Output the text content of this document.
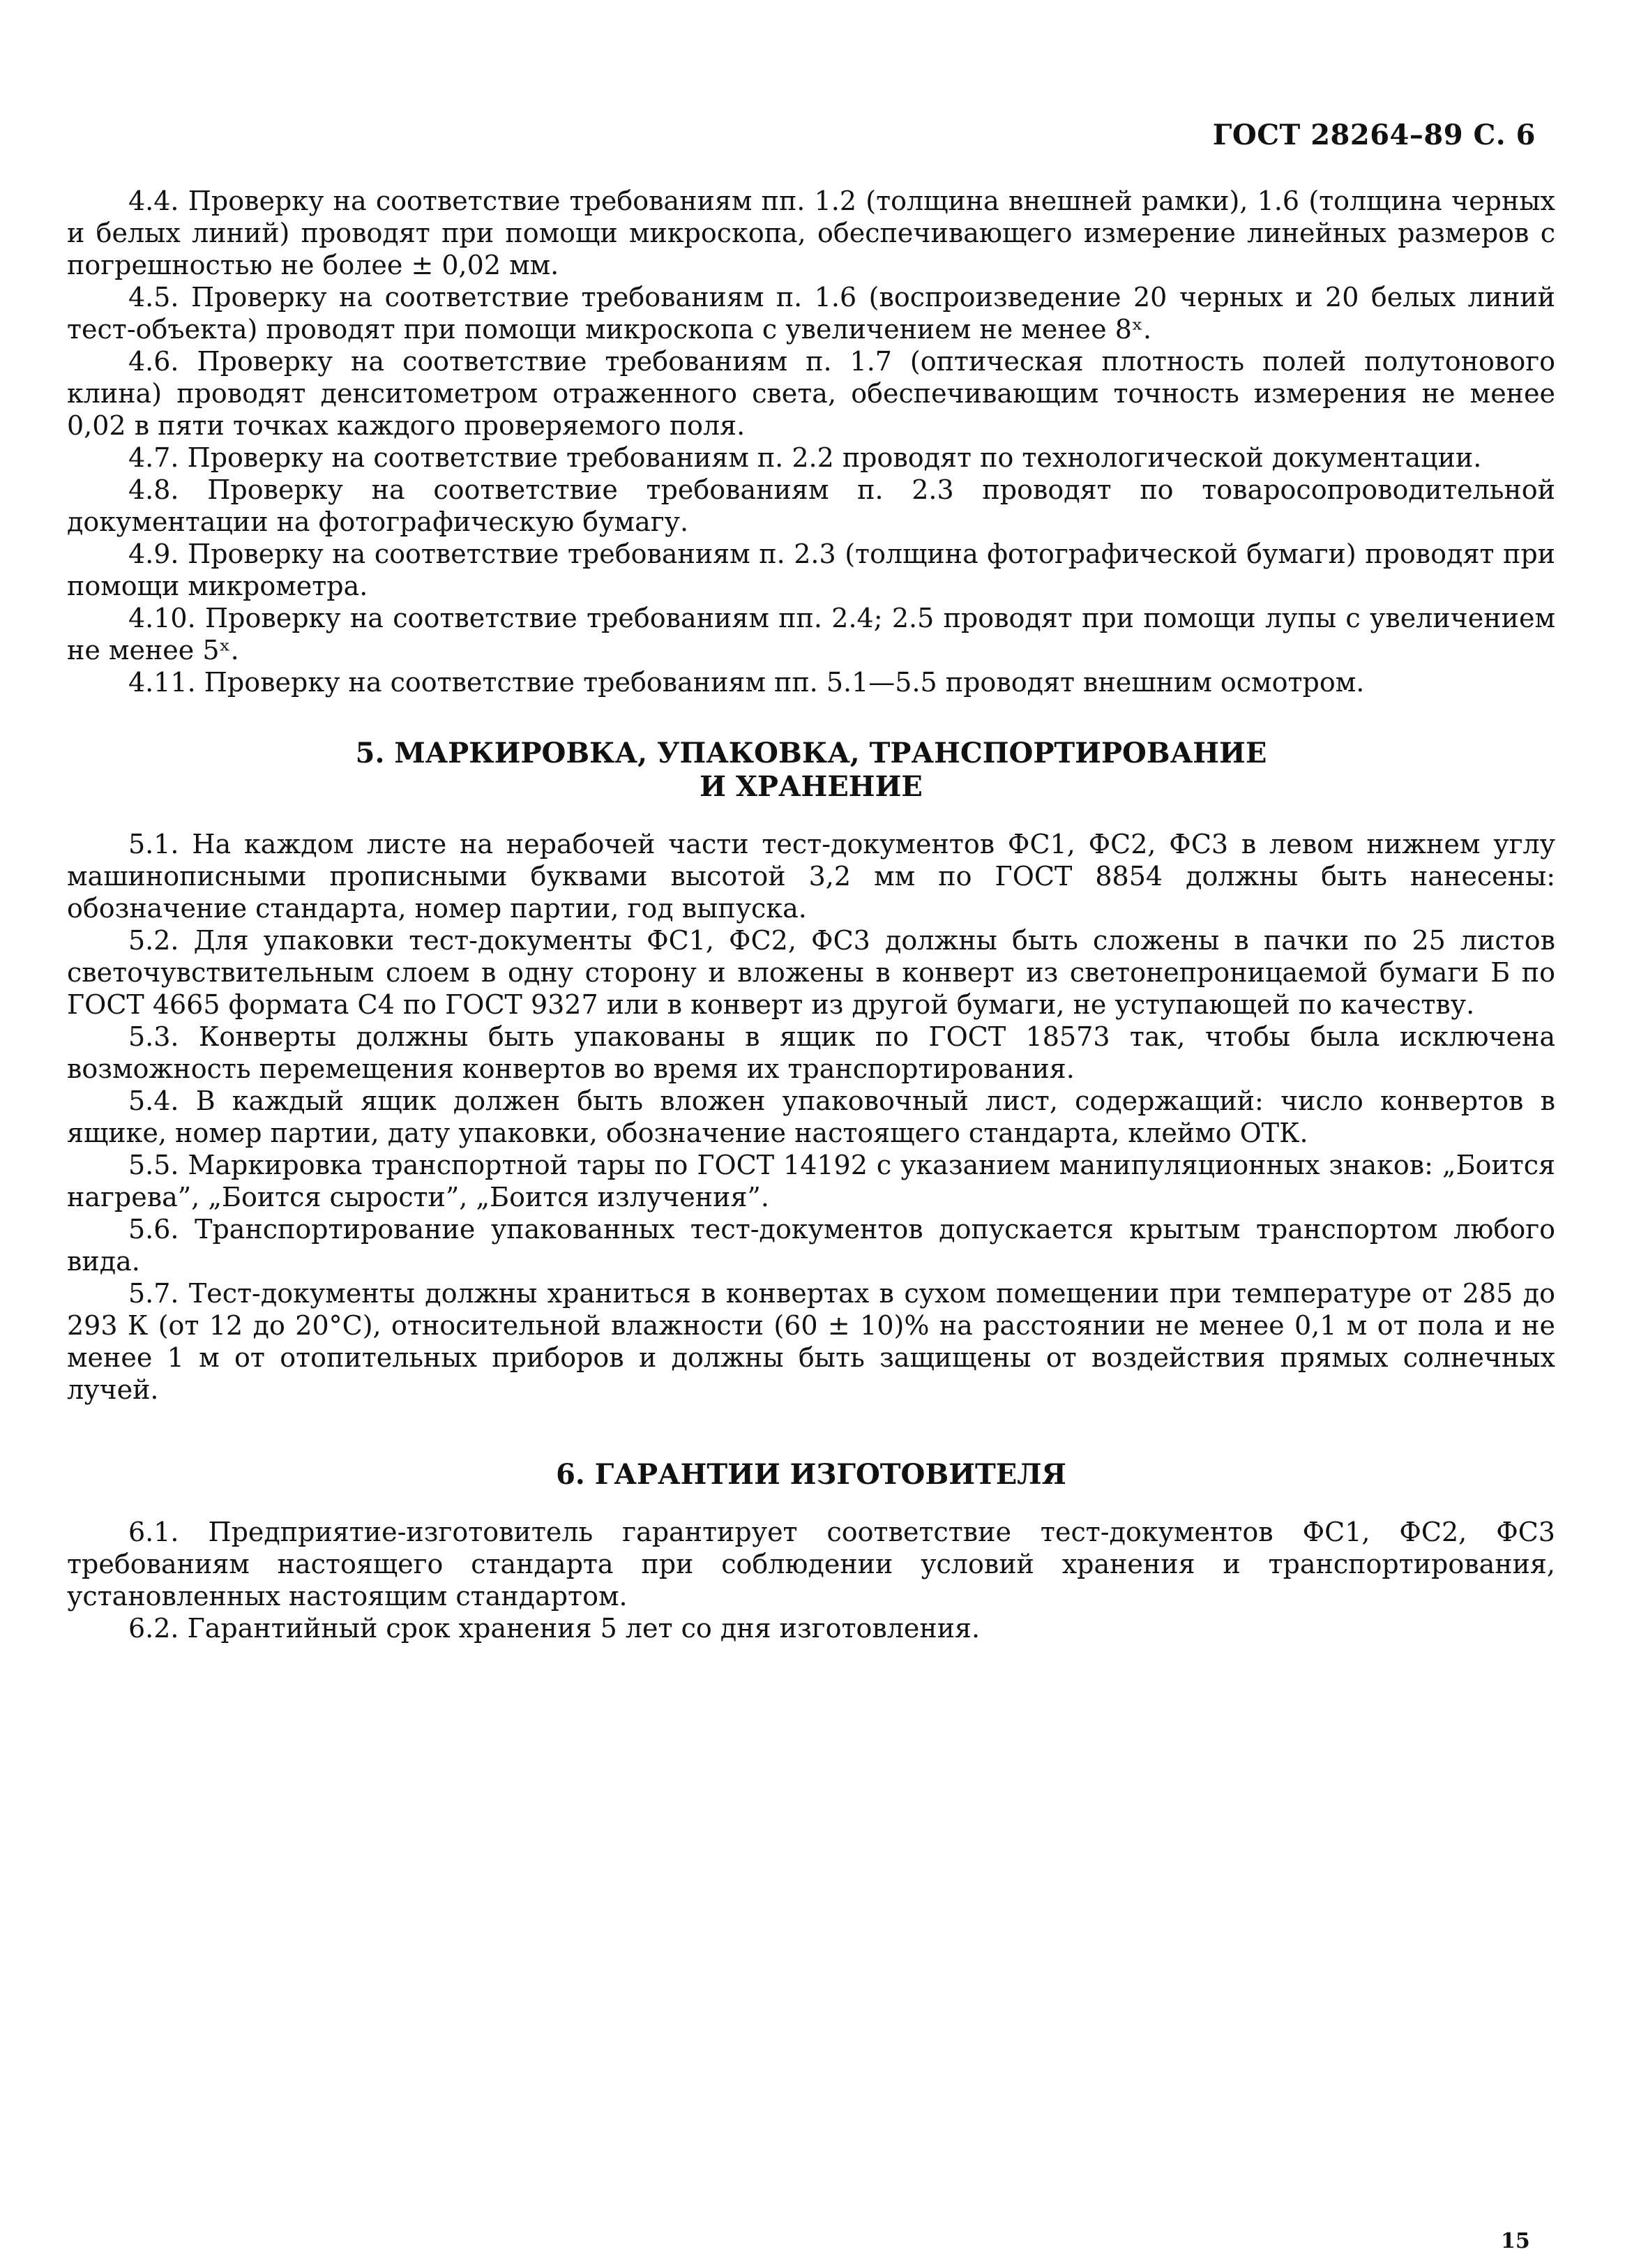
ГОСТ 28264–89 С. 6

4.4. Проверку на соответствие требованиям пп. 1.2 (толщина внешней рамки), 1.6 (толщина черных и белых линий) проводят при помощи микроскопа, обеспечивающего измерение линейных размеров с погрешностью не более ± 0,02 мм.

4.5. Проверку на соответствие требованиям п. 1.6 (воспроизведение 20 черных и 20 белых линий тест-объекта) проводят при помощи микроскопа с увеличением не менее 8ˣ.

4.6. Проверку на соответствие требованиям п. 1.7 (оптическая плотность полей полутонового клина) проводят денситометром отраженного света, обеспечивающим точность измерения не менее 0,02 в пяти точках каждого проверяемого поля.

4.7. Проверку на соответствие требованиям п. 2.2 проводят по технологической документации.

4.8. Проверку на соответствие требованиям п. 2.3 проводят по товаросопроводительной документации на фотографическую бумагу.

4.9. Проверку на соответствие требованиям п. 2.3 (толщина фотографической бумаги) проводят при помощи микрометра.

4.10. Проверку на соответствие требованиям пп. 2.4; 2.5 проводят при помощи лупы с увеличением не менее 5ˣ.

4.11. Проверку на соответствие требованиям пп. 5.1—5.5 проводят внешним осмотром.

5. МАРКИРОВКА, УПАКОВКА, ТРАНСПОРТИРОВАНИЕ
И ХРАНЕНИЕ

5.1. На каждом листе на нерабочей части тест-документов ФС1, ФС2, ФС3 в левом нижнем углу машинописными прописными буквами высотой 3,2 мм по ГОСТ 8854 должны быть нанесены: обозначение стандарта, номер партии, год выпуска.

5.2. Для упаковки тест-документы ФС1, ФС2, ФС3 должны быть сложены в пачки по 25 листов светочувствительным слоем в одну сторону и вложены в конверт из светонепроницаемой бумаги Б по ГОСТ 4665 формата С4 по ГОСТ 9327 или в конверт из другой бумаги, не уступающей по качеству.

5.3. Конверты должны быть упакованы в ящик по ГОСТ 18573 так, чтобы была исключена возможность перемещения конвертов во время их транспортирования.

5.4. В каждый ящик должен быть вложен упаковочный лист, содержащий: число конвертов в ящике, номер партии, дату упаковки, обозначение настоящего стандарта, клеймо ОТК.

5.5. Маркировка транспортной тары по ГОСТ 14192 с указанием манипуляционных знаков: „Боится нагрева”, „Боится сырости”, „Боится излучения”.

5.6. Транспортирование упакованных тест-документов допускается крытым транспортом любого вида.

5.7. Тест-документы должны храниться в конвертах в сухом помещении при температуре от 285 до 293 К (от 12 до 20°С), относительной влажности (60 ± 10)% на расстоянии не менее 0,1 м от пола и не менее 1 м от отопительных приборов и должны быть защищены от воздействия прямых солнечных лучей.

6. ГАРАНТИИ ИЗГОТОВИТЕЛЯ

6.1. Предприятие-изготовитель гарантирует соответствие тест-документов ФС1, ФС2, ФС3 требованиям настоящего стандарта при соблюдении условий хранения и транспортирования, установленных настоящим стандартом.

6.2. Гарантийный срок хранения 5 лет со дня изготовления.

15
